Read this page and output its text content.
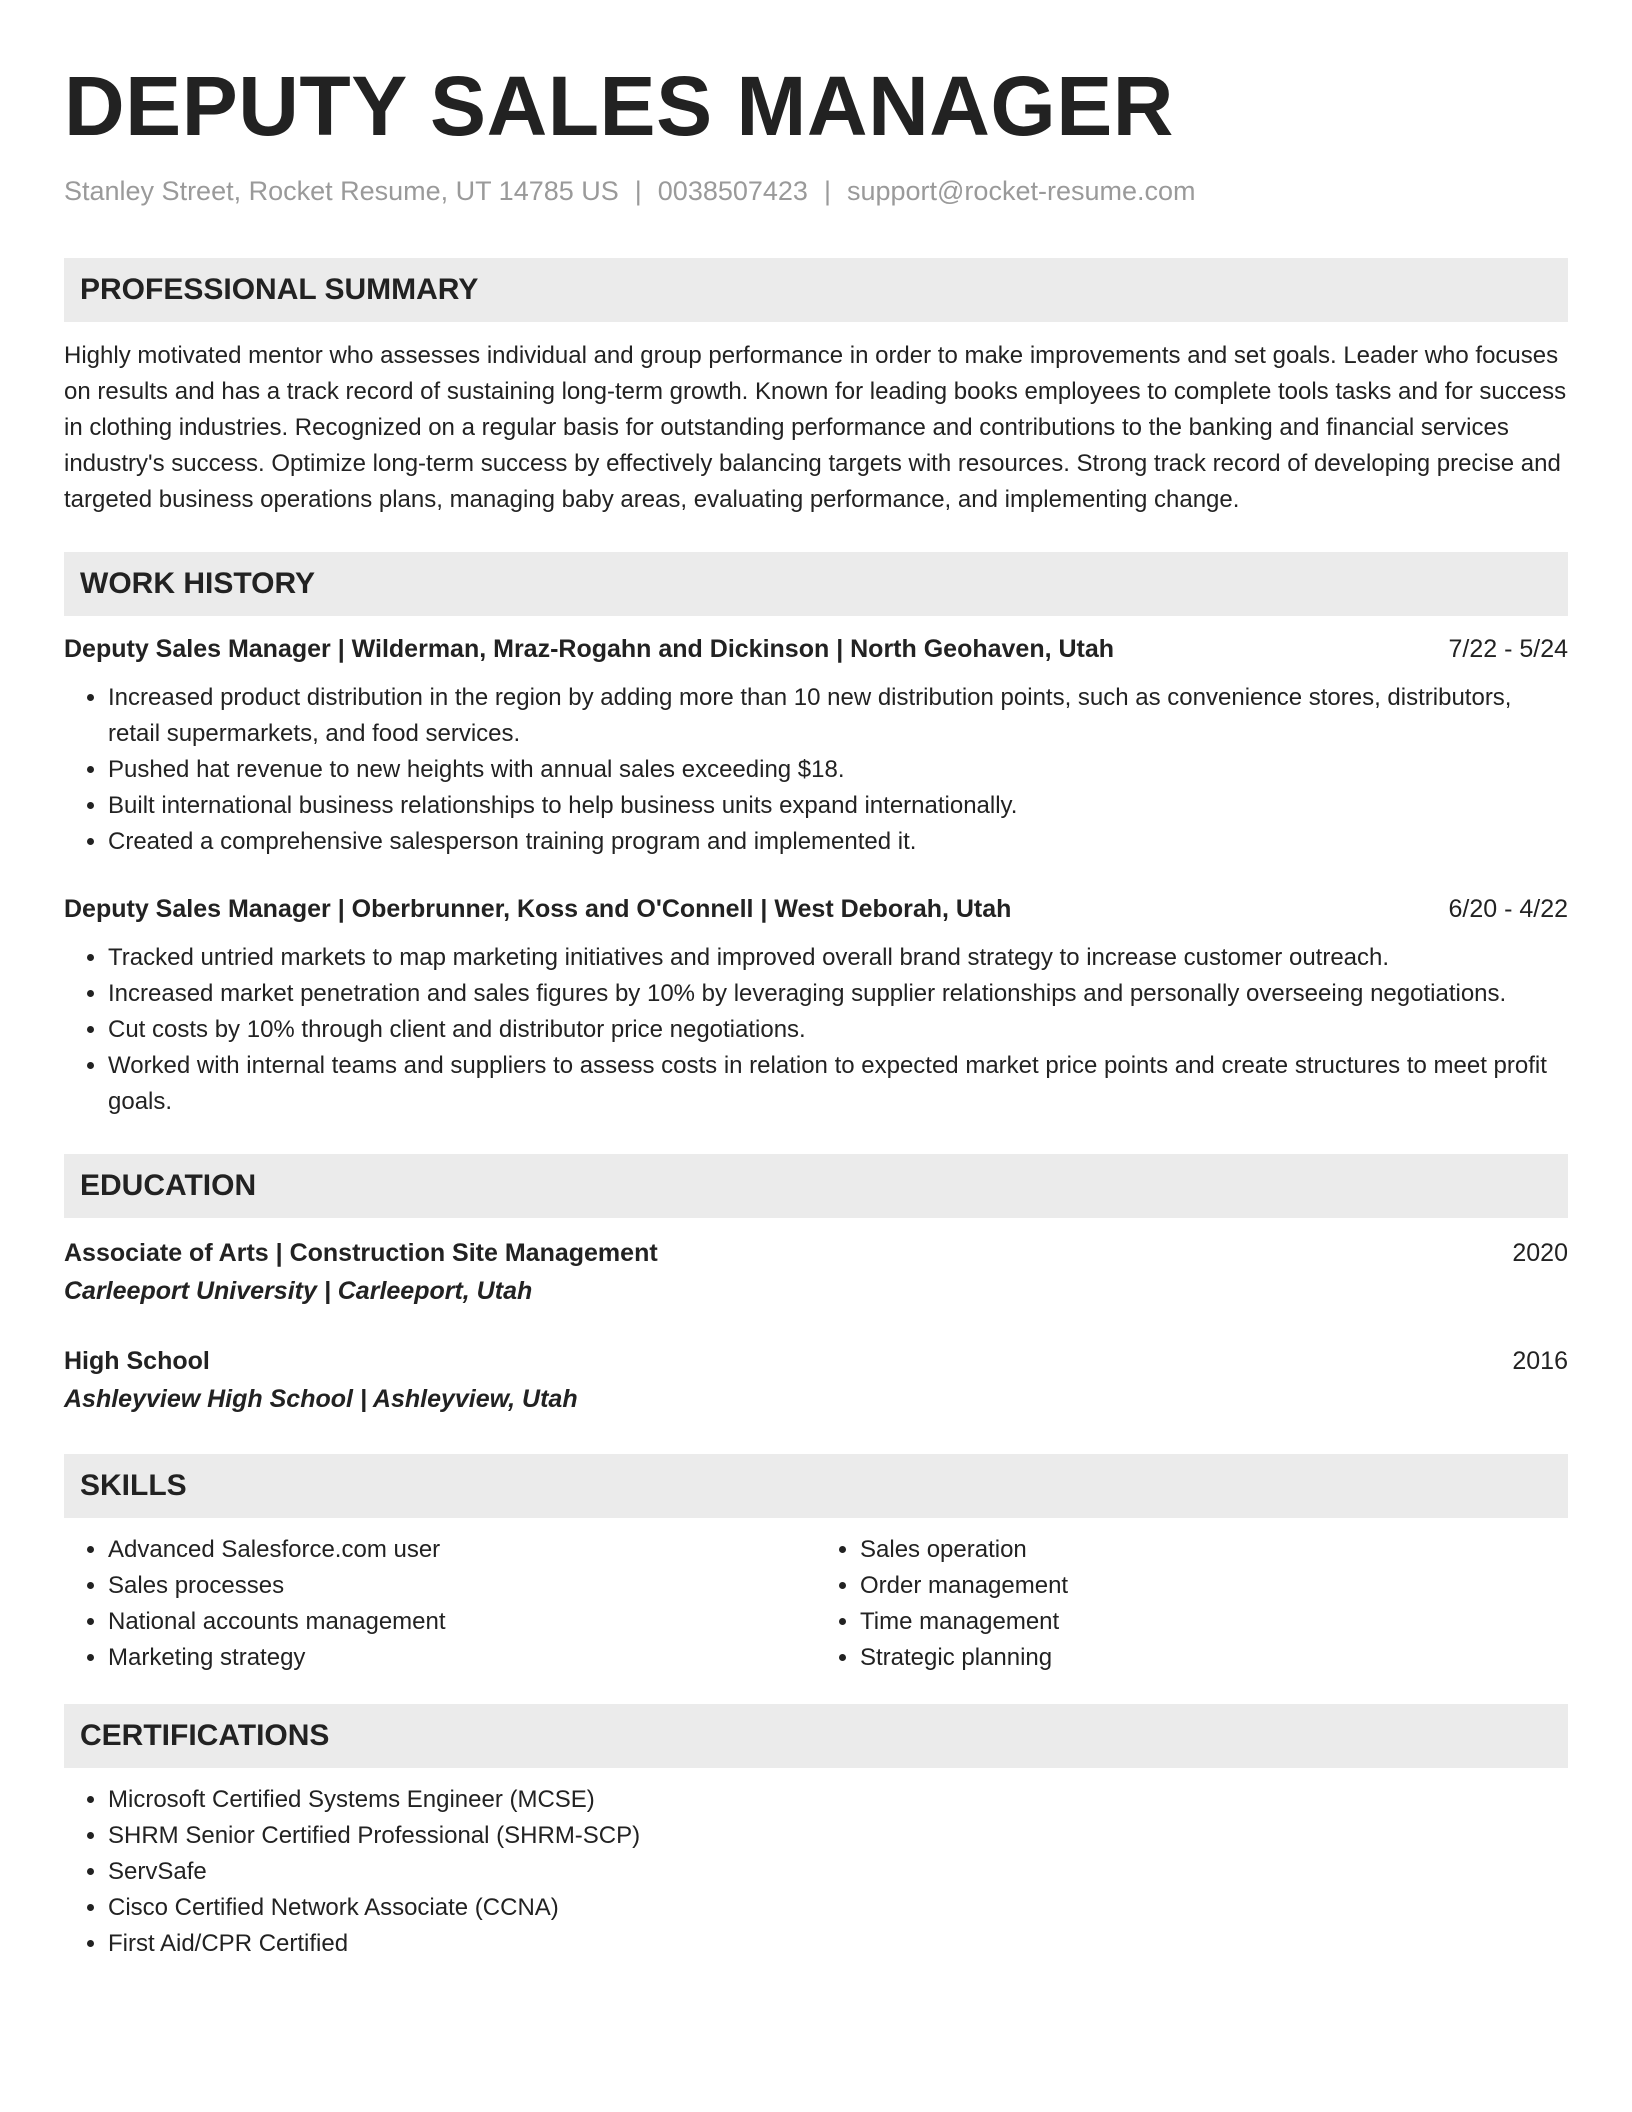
DEPUTY SALES MANAGER
Stanley Street, Rocket Resume, UT 14785 US | 0038507423 | support@rocket-resume.com
PROFESSIONAL SUMMARY

Highly motivated mentor who assesses individual and group performance in order to make improvements and set goals. Leader who focuses on results and has a track record of sustaining long-term growth. Known for leading books employees to complete tools tasks and for success in clothing industries. Recognized on a regular basis for outstanding performance and contributions to the banking and financial services industry's success. Optimize long-term success by effectively balancing targets with resources. Strong track record of developing precise and targeted business operations plans, managing baby areas, evaluating performance, and implementing change.

WORK HISTORY
Deputy Sales Manager | Wilderman, Mraz-Rogahn and Dickinson | North Geohaven, Utah	7/22 - 5/24
• Increased product distribution in the region by adding more than 10 new distribution points, such as convenience stores, distributors, retail supermarkets, and food services.
• Pushed hat revenue to new heights with annual sales exceeding $18.
• Built international business relationships to help business units expand internationally.
• Created a comprehensive salesperson training program and implemented it.
Deputy Sales Manager | Oberbrunner, Koss and O'Connell | West Deborah, Utah	6/20 - 4/22
• Tracked untried markets to map marketing initiatives and improved overall brand strategy to increase customer outreach.
• Increased market penetration and sales figures by 10% by leveraging supplier relationships and personally overseeing negotiations.
• Cut costs by 10% through client and distributor price negotiations.
• Worked with internal teams and suppliers to assess costs in relation to expected market price points and create structures to meet profit goals.
EDUCATION
Associate of Arts | Construction Site Management	2020
Carleeport University | Carleeport, Utah
High School	2016
Ashleyview High School | Ashleyview, Utah
SKILLS
• Advanced Salesforce.com user
• Sales processes
• National accounts management
• Marketing strategy
• Sales operation
• Order management
• Time management
• Strategic planning
CERTIFICATIONS
• Microsoft Certified Systems Engineer (MCSE)
• SHRM Senior Certified Professional (SHRM-SCP)
• ServSafe
• Cisco Certified Network Associate (CCNA)
• First Aid/CPR Certified
